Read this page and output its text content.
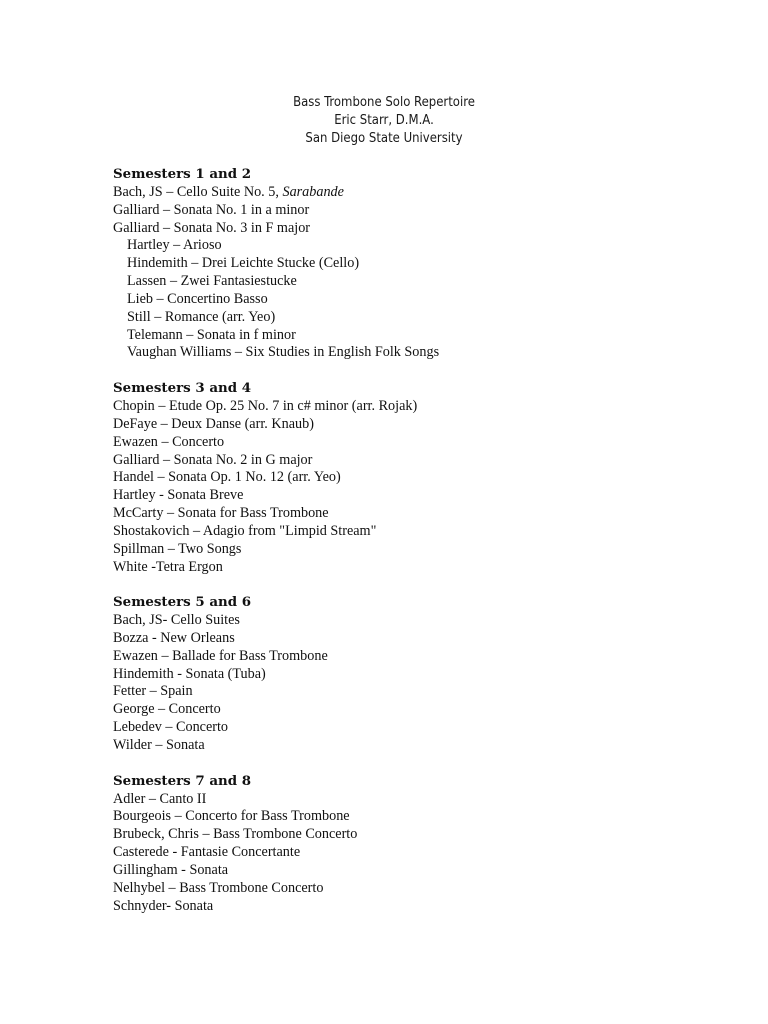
Bass Trombone Solo Repertoire
Eric Starr, D.M.A.
San Diego State University
Semesters 1 and 2
Bach, JS – Cello Suite No. 5, Sarabande
Galliard – Sonata No. 1 in a minor
Galliard – Sonata No. 3 in F major
Hartley – Arioso
Hindemith – Drei Leichte Stucke (Cello)
Lassen – Zwei Fantasiestucke
Lieb – Concertino Basso
Still – Romance (arr. Yeo)
Telemann – Sonata in f minor
Vaughan Williams – Six Studies in English Folk Songs
Semesters 3 and 4
Chopin – Etude Op. 25 No. 7 in c# minor (arr. Rojak)
DeFaye – Deux Danse (arr. Knaub)
Ewazen – Concerto
Galliard – Sonata No. 2 in G major
Handel – Sonata Op. 1 No. 12 (arr. Yeo)
Hartley - Sonata Breve
McCarty – Sonata for Bass Trombone
Shostakovich – Adagio from "Limpid Stream"
Spillman – Two Songs
White -Tetra Ergon
Semesters 5 and 6
Bach, JS- Cello Suites
Bozza - New Orleans
Ewazen – Ballade for Bass Trombone
Hindemith - Sonata (Tuba)
Fetter – Spain
George – Concerto
Lebedev – Concerto
Wilder – Sonata
Semesters 7 and 8
Adler – Canto II
Bourgeois – Concerto for Bass Trombone
Brubeck, Chris – Bass Trombone Concerto
Casterede - Fantasie Concertante
Gillingham - Sonata
Nelhybel – Bass Trombone Concerto
Schnyder- Sonata
